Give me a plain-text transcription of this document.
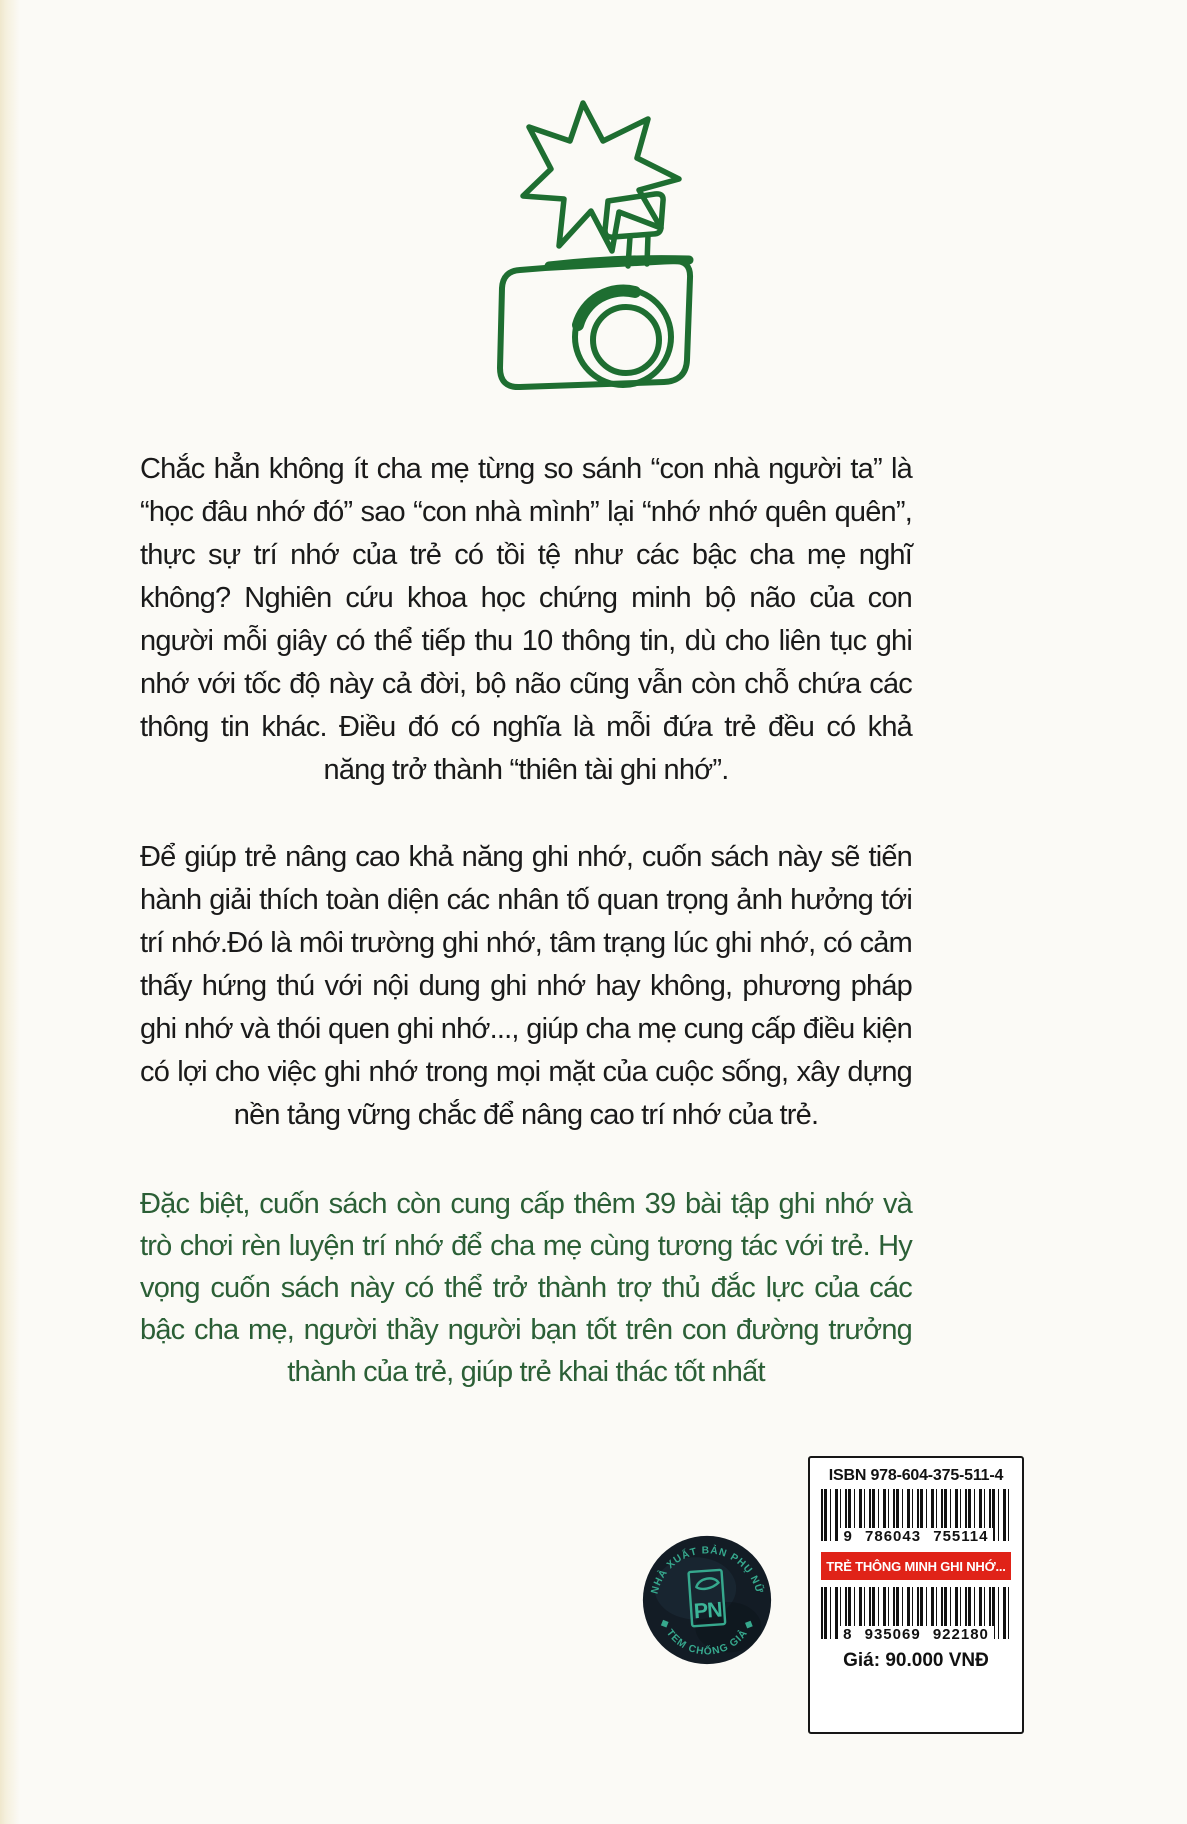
Chắc hẳn không ít cha mẹ từng so sánh “con nhà người ta” là
“học đâu nhớ đó” sao “con nhà mình” lại “nhớ nhớ quên quên”,
thực sự trí nhớ của trẻ có tồi tệ như các bậc cha mẹ nghĩ
không? Nghiên cứu khoa học chứng minh bộ não của con
người mỗi giây có thể tiếp thu 10 thông tin, dù cho liên tục ghi
nhớ với tốc độ này cả đời, bộ não cũng vẫn còn chỗ chứa các
thông tin khác. Điều đó có nghĩa là mỗi đứa trẻ đều có khả
năng trở thành “thiên tài ghi nhớ”.
Để giúp trẻ nâng cao khả năng ghi nhớ, cuốn sách này sẽ tiến
hành giải thích toàn diện các nhân tố quan trọng ảnh hưởng tới
trí nhớ.Đó là môi trường ghi nhớ, tâm trạng lúc ghi nhớ, có cảm
thấy hứng thú với nội dung ghi nhớ hay không, phương pháp
ghi nhớ và thói quen ghi nhớ..., giúp cha mẹ cung cấp điều kiện
có lợi cho việc ghi nhớ trong mọi mặt của cuộc sống, xây dựng
nền tảng vững chắc để nâng cao trí nhớ của trẻ.
Đặc biệt, cuốn sách còn cung cấp thêm 39 bài tập ghi nhớ và
trò chơi rèn luyện trí nhớ để cha mẹ cùng tương tác với trẻ. Hy
vọng cuốn sách này có thể trở thành trợ thủ đắc lực của các
bậc cha mẹ, người thầy người bạn tốt trên con đường trưởng
thành của trẻ, giúp trẻ khai thác tốt nhất
NHÀ XUẤT BẢN PHỤ NỮ
◆ TEM CHỐNG GIẢ ◆
PN
ISBN 978-604-375-511-4
9 786043 755114
TRẺ THÔNG MINH GHI NHỚ...
8 935069 922180
Giá: 90.000 VNĐ
